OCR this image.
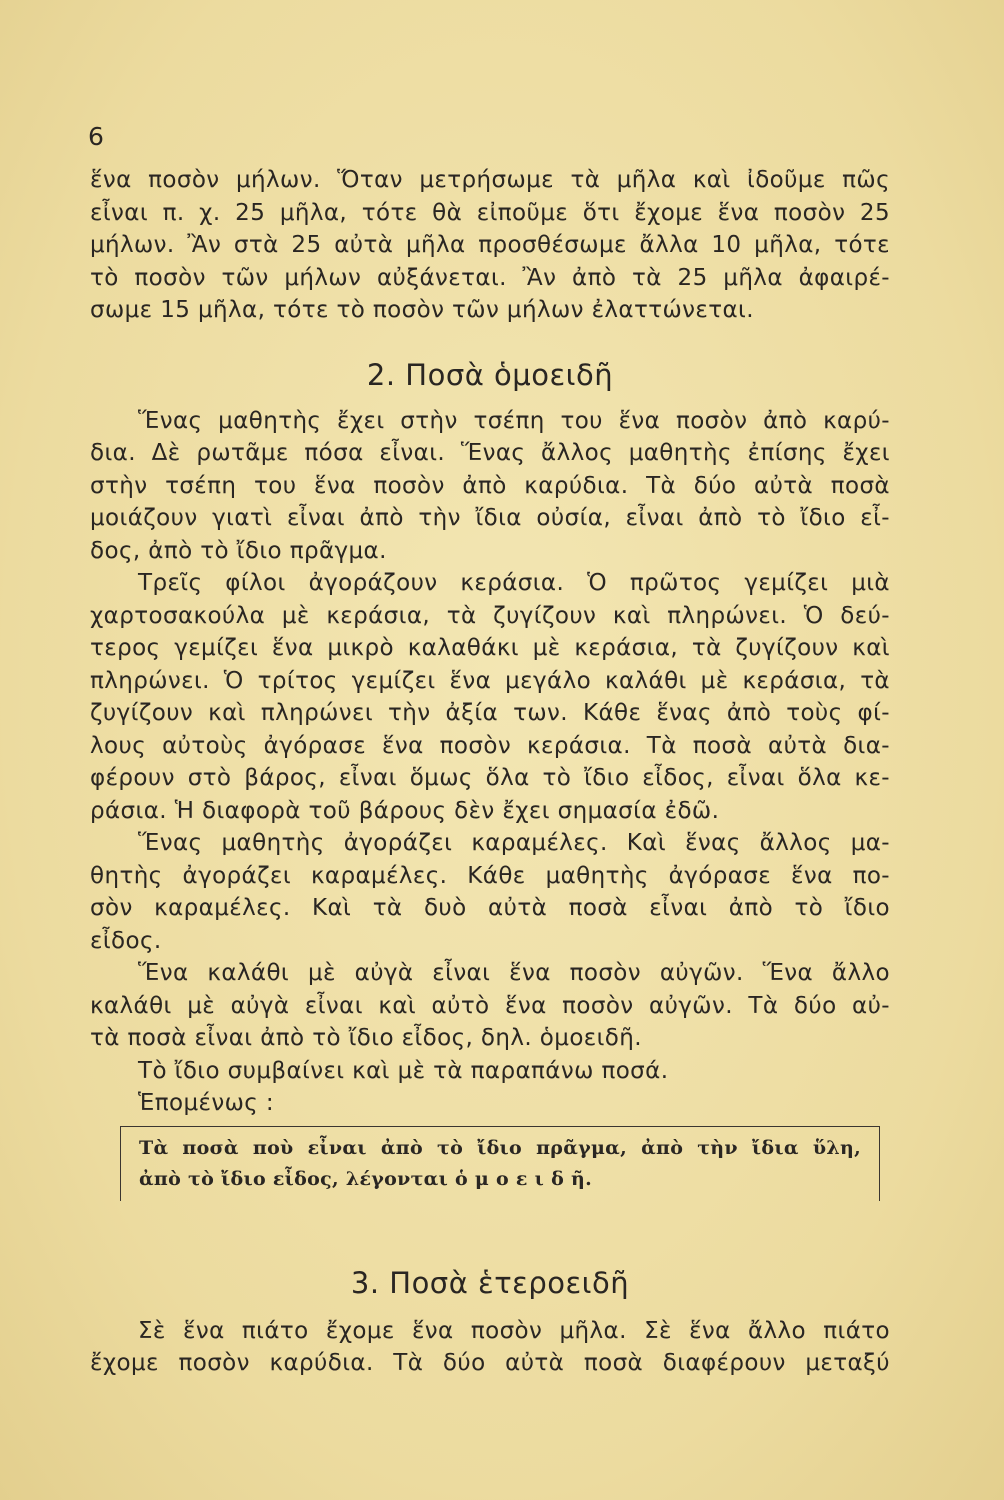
6
ἕνα ποσὸν μήλων. Ὅταν μετρήσωμε τὰ μῆλα καὶ ἰδοῦμε πῶς
εἶναι π. χ. 25 μῆλα, τότε θὰ εἰποῦμε ὅτι ἔχομε ἕνα ποσὸν 25
μήλων. Ἂν στὰ 25 αὐτὰ μῆλα προσθέσωμε ἄλλα 10 μῆλα, τότε
τὸ ποσὸν τῶν μήλων αὐξάνεται. Ἂν ἀπὸ τὰ 25 μῆλα ἀφαιρέ-
σωμε 15 μῆλα, τότε τὸ ποσὸν τῶν μήλων ἐλαττώνεται.
2. Ποσὰ ὁμοειδῆ
Ἕνας μαθητὴς ἔχει στὴν τσέπη του ἕνα ποσὸν ἀπὸ καρύ-
δια. Δὲ ρωτᾶμε πόσα εἶναι. Ἕνας ἄλλος μαθητὴς ἐπίσης ἔχει
στὴν τσέπη του ἕνα ποσὸν ἀπὸ καρύδια. Τὰ δύο αὐτὰ ποσὰ
μοιάζουν γιατὶ εἶναι ἀπὸ τὴν ἴδια οὐσία, εἶναι ἀπὸ τὸ ἴδιο εἶ-
δος, ἀπὸ τὸ ἴδιο πρᾶγμα.
Τρεῖς φίλοι ἀγοράζουν κεράσια. Ὁ πρῶτος γεμίζει μιὰ
χαρτοσακούλα μὲ κεράσια, τὰ ζυγίζουν καὶ πληρώνει. Ὁ δεύ-
τερος γεμίζει ἕνα μικρὸ καλαθάκι μὲ κεράσια, τὰ ζυγίζουν καὶ
πληρώνει. Ὁ τρίτος γεμίζει ἕνα μεγάλο καλάθι μὲ κεράσια, τὰ
ζυγίζουν καὶ πληρώνει τὴν ἀξία των. Κάθε ἕνας ἀπὸ τοὺς φί-
λους αὐτοὺς ἀγόρασε ἕνα ποσὸν κεράσια. Τὰ ποσὰ αὐτὰ δια-
φέρουν στὸ βάρος, εἶναι ὅμως ὅλα τὸ ἴδιο εἶδος, εἶναι ὅλα κε-
ράσια. Ἡ διαφορὰ τοῦ βάρους δὲν ἔχει σημασία ἐδῶ.
Ἕνας μαθητὴς ἀγοράζει καραμέλες. Καὶ ἕνας ἄλλος μα-
θητὴς ἀγοράζει καραμέλες. Κάθε μαθητὴς ἀγόρασε ἕνα πο-
σὸν καραμέλες. Καὶ τὰ δυὸ αὐτὰ ποσὰ εἶναι ἀπὸ τὸ ἴδιο
εἶδος.
Ἕνα καλάθι μὲ αὐγὰ εἶναι ἕνα ποσὸν αὐγῶν. Ἕνα ἄλλο
καλάθι μὲ αὐγὰ εἶναι καὶ αὐτὸ ἕνα ποσὸν αὐγῶν. Τὰ δύο αὐ-
τὰ ποσὰ εἶναι ἀπὸ τὸ ἴδιο εἶδος, δηλ. ὁμοειδῆ.
Τὸ ἴδιο συμβαίνει καὶ μὲ τὰ παραπάνω ποσά.
Ἑπομένως :
Τὰ ποσὰ ποὺ εἶναι ἀπὸ τὸ ἴδιο πρᾶγμα, ἀπὸ τὴν ἴδια ὕλη,
ἀπὸ τὸ ἴδιο εἶδος, λέγονται ὁ μ ο ε ι δ ῆ.
3. Ποσὰ ἑτεροειδῆ
Σὲ ἕνα πιάτο ἔχομε ἕνα ποσὸν μῆλα. Σὲ ἕνα ἄλλο πιάτο
ἔχομε ποσὸν καρύδια. Τὰ δύο αὐτὰ ποσὰ διαφέρουν μεταξύ
